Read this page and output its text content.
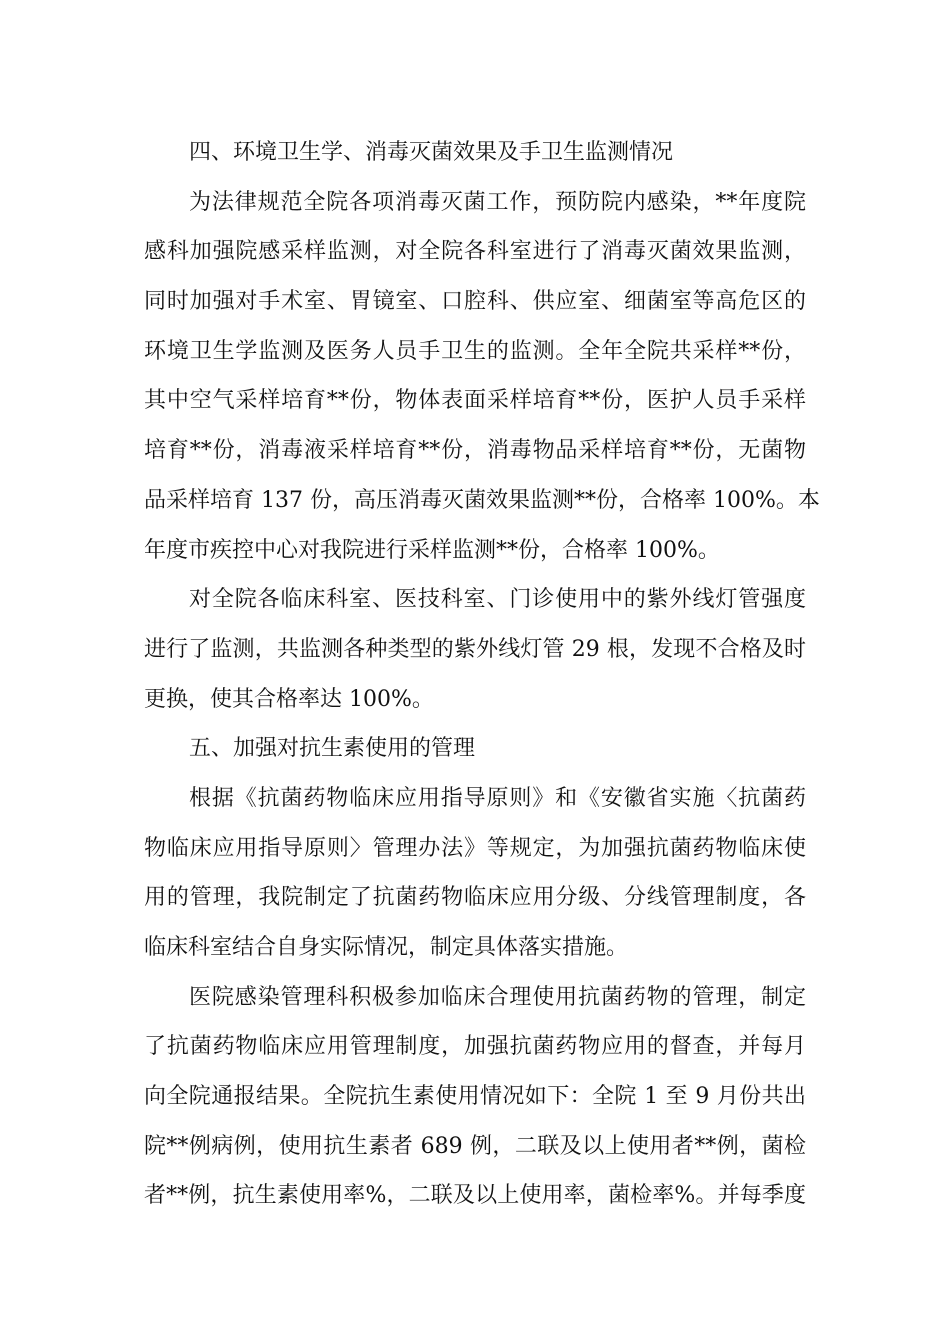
四、环境卫生学、消毒灭菌效果及手卫生监测情况
为法律规范全院各项消毒灭菌工作，预防院内感染，**年度院
感科加强院感采样监测，对全院各科室进行了消毒灭菌效果监测，
同时加强对手术室、胃镜室、口腔科、供应室、细菌室等高危区的
环境卫生学监测及医务人员手卫生的监测。全年全院共采样**份，
其中空气采样培育**份，物体表面采样培育**份，医护人员手采样
培育**份，消毒液采样培育**份，消毒物品采样培育**份，无菌物
品采样培育 137 份，高压消毒灭菌效果监测**份，合格率 100%。本
年度市疾控中心对我院进行采样监测**份，合格率 100%。
对全院各临床科室、医技科室、门诊使用中的紫外线灯管强度
进行了监测，共监测各种类型的紫外线灯管 29 根，发现不合格及时
更换，使其合格率达 100%。
五、加强对抗生素使用的管理
根据《抗菌药物临床应用指导原则》和《安徽省实施〈抗菌药
物临床应用指导原则〉管理办法》等规定，为加强抗菌药物临床使
用的管理，我院制定了抗菌药物临床应用分级、分线管理制度，各
临床科室结合自身实际情况，制定具体落实措施。
医院感染管理科积极参加临床合理使用抗菌药物的管理，制定
了抗菌药物临床应用管理制度，加强抗菌药物应用的督查，并每月
向全院通报结果。全院抗生素使用情况如下：全院 1 至 9 月份共出
院**例病例，使用抗生素者 689 例，二联及以上使用者**例，菌检
者**例，抗生素使用率%，二联及以上使用率，菌检率%。并每季度
